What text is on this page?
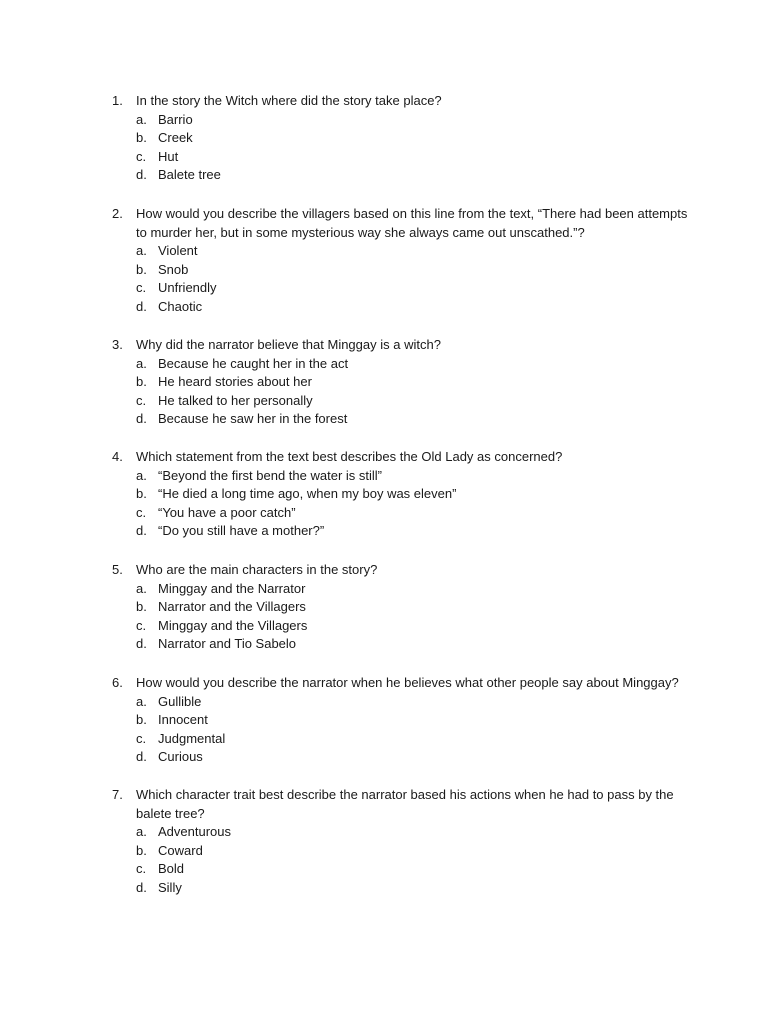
1. In the story the Witch where did the story take place?
a. Barrio
b. Creek
c. Hut
d. Balete tree
2. How would you describe the villagers based on this line from the text, “There had been attempts
to murder her, but in some mysterious way she always came out unscathed.”?
a. Violent
b. Snob
c. Unfriendly
d. Chaotic
3. Why did the narrator believe that Minggay is a witch?
a. Because he caught her in the act
b. He heard stories about her
c. He talked to her personally
d. Because he saw her in the forest
4. Which statement from the text best describes the Old Lady as concerned?
a. “Beyond the first bend the water is still”
b. “He died a long time ago, when my boy was eleven”
c. “You have a poor catch”
d. “Do you still have a mother?”
5. Who are the main characters in the story?
a. Minggay and the Narrator
b. Narrator and the Villagers
c. Minggay and the Villagers
d. Narrator and Tio Sabelo
6. How would you describe the narrator when he believes what other people say about Minggay?
a. Gullible
b. Innocent
c. Judgmental
d. Curious
7. Which character trait best describe the narrator based his actions when he had to pass by the
balete tree?
a. Adventurous
b. Coward
c. Bold
d. Silly
